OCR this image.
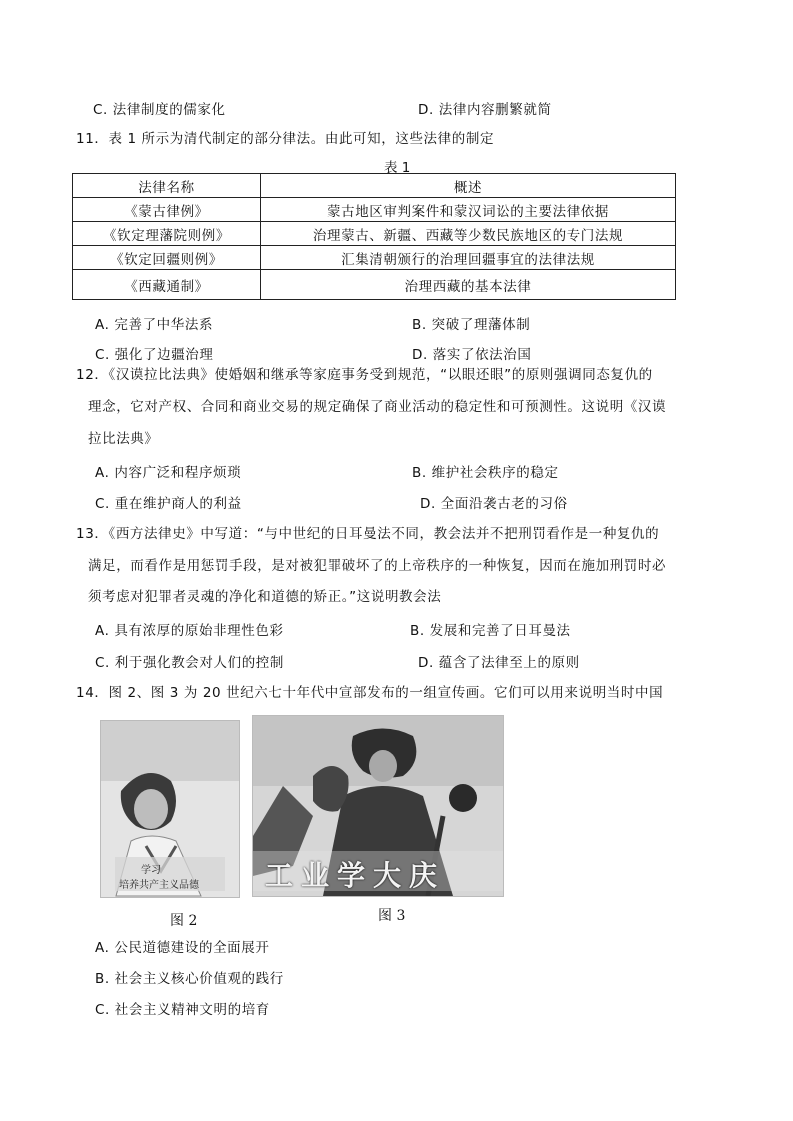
C. 法律制度的儒家化	D. 法律内容删繁就简
11．表 1 所示为清代制定的部分律法。由此可知，这些法律的制定
表 1
法律名称	概述
《蒙古律例》	蒙古地区审判案件和蒙汉词讼的主要法律依据
《钦定理藩院则例》	治理蒙古、新疆、西藏等少数民族地区的专门法规
《钦定回疆则例》	汇集清朝颁行的治理回疆事宜的法律法规
《西藏通制》	治理西藏的基本法律
A. 完善了中华法系	B. 突破了理藩体制
C. 强化了边疆治理	D. 落实了依法治国
12．《汉谟拉比法典》使婚姻和继承等家庭事务受到规范，“以眼还眼”的原则强调同态复仇的
理念，它对产权、合同和商业交易的规定确保了商业活动的稳定性和可预测性。这说明《汉谟
拉比法典》
A. 内容广泛和程序烦琐	B. 维护社会秩序的稳定
C. 重在维护商人的利益	D. 全面沿袭古老的习俗
13．《西方法律史》中写道：“与中世纪的日耳曼法不同，教会法并不把刑罚看作是一种复仇的
满足，而看作是用惩罚手段，是对被犯罪破坏了的上帝秩序的一种恢复，因而在施加刑罚时必
须考虑对犯罪者灵魂的净化和道德的矫正。”这说明教会法
A. 具有浓厚的原始非理性色彩	B. 发展和完善了日耳曼法
C. 利于强化教会对人们的控制	D. 蕴含了法律至上的原则
14．图 2、图 3 为 20 世纪六七十年代中宣部发布的一组宣传画。它们可以用来说明当时中国
学习
培养共产主义品德
图 2
工业学大庆
图 3
A. 公民道德建设的全面展开
B. 社会主义核心价值观的践行
C. 社会主义精神文明的培育
